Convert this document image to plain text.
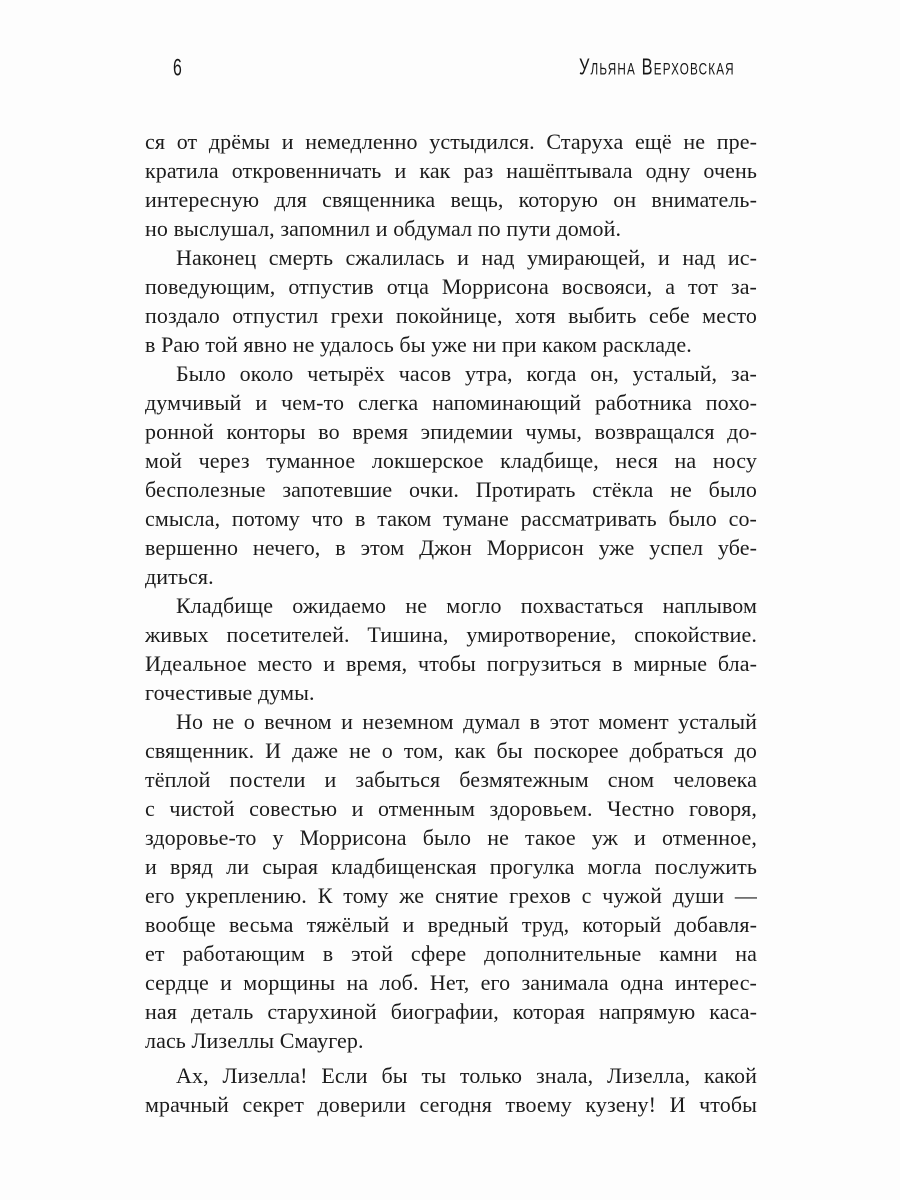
6	Ульяна Верховская
ся от дрёмы и немедленно устыдился. Старуха ещё не пре-
кратила откровенничать и как раз нашёптывала одну очень
интересную для священника вещь, которую он вниматель-
но выслушал, запомнил и обдумал по пути домой.
Наконец смерть сжалилась и над умирающей, и над ис-
поведующим, отпустив отца Моррисона восвояси, а тот за-
поздало отпустил грехи покойнице, хотя выбить себе место
в Раю той явно не удалось бы уже ни при каком раскладе.
Было около четырёх часов утра, когда он, усталый, за-
думчивый и чем-то слегка напоминающий работника похо-
ронной конторы во время эпидемии чумы, возвращался до-
мой через туманное локшерское кладбище, неся на носу
бесполезные запотевшие очки. Протирать стёкла не было
смысла, потому что в таком тумане рассматривать было со-
вершенно нечего, в этом Джон Моррисон уже успел убе-
диться.
Кладбище ожидаемо не могло похвастаться наплывом
живых посетителей. Тишина, умиротворение, спокойствие.
Идеальное место и время, чтобы погрузиться в мирные бла-
гочестивые думы.
Но не о вечном и неземном думал в этот момент усталый
священник. И даже не о том, как бы поскорее добраться до
тёплой постели и забыться безмятежным сном человека
с чистой совестью и отменным здоровьем. Честно говоря,
здоровье-то у Моррисона было не такое уж и отменное,
и вряд ли сырая кладбищенская прогулка могла послужить
его укреплению. К тому же снятие грехов с чужой души —
вообще весьма тяжёлый и вредный труд, который добавля-
ет работающим в этой сфере дополнительные камни на
сердце и морщины на лоб. Нет, его занимала одна интерес-
ная деталь старухиной биографии, которая напрямую каса-
лась Лизеллы Смаугер.
Ах, Лизелла! Если бы ты только знала, Лизелла, какой
мрачный секрет доверили сегодня твоему кузену! И чтобы
